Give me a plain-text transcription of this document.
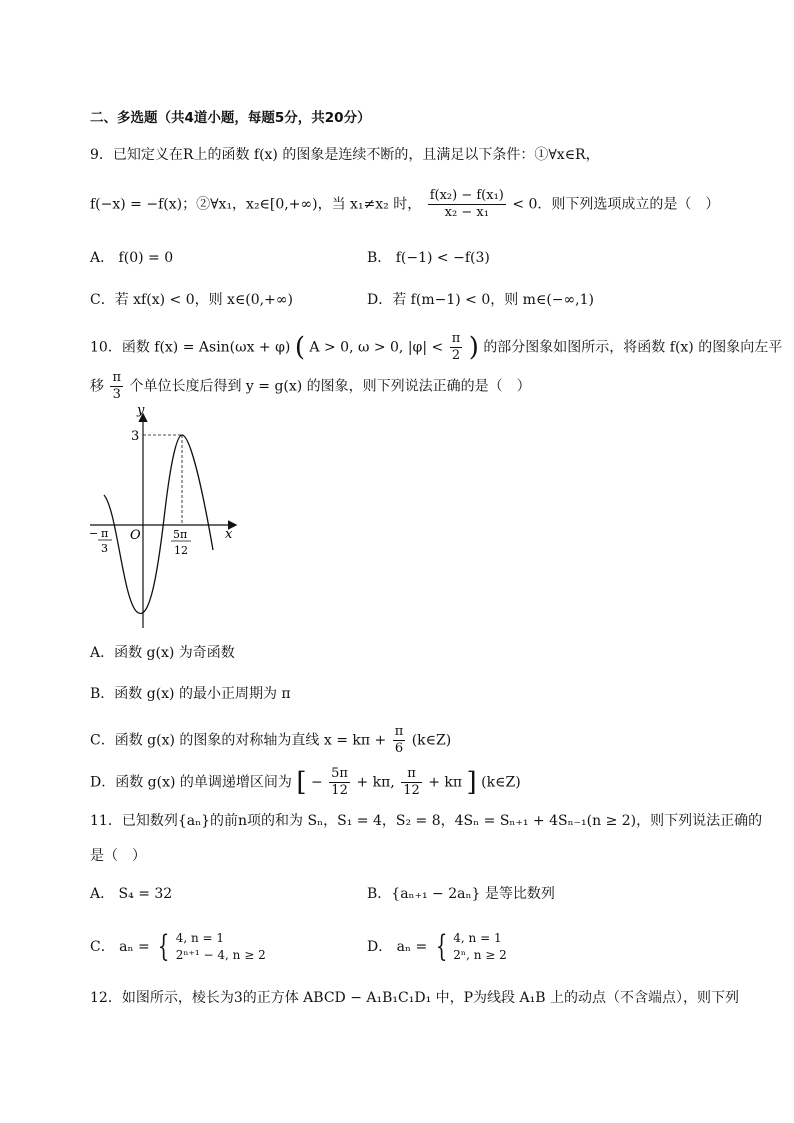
二、多选题（共4道小题，每题5分，共20分）
9．已知定义在R上的函数 f(x) 的图象是连续不断的，且满足以下条件：①∀x∈R，
f(−x) = −f(x)；②∀x₁，x₂∈[0,+∞)，当 x₁≠x₂ 时， $\frac{\text{f(x₂) − f(x₁)}}{\text{x₂ − x₁}} < 0$．则下列选项成立的是（　）
A． f(0) = 0	B． f(−1) < −f(3)
C．若 xf(x) < 0，则 x∈(0,+∞)	D．若 f(m−1) < 0，则 m∈(−∞,1)
10．函数 f(x) = Asin(ωx + φ) ( A > 0, ω > 0, $|\varphi| < \frac{\pi}{2}$ ) 的部分图象如图所示，将函数 f(x) 的图象向左平
移 $\frac{\pi}{3}$ 个单位长度后得到 y = g(x) 的图象，则下列说法正确的是（　）
y
x
O
3
− π
3
5π
12
A．函数 g(x) 为奇函数
B．函数 g(x) 的最小正周期为 π
C．函数 g(x) 的图象的对称轴为直线 $x = k\pi + \frac{\pi}{6}$ (k∈Z)
D．函数 g(x) 的单调递增区间为 [ − $\frac{5\pi}{12} + k\pi$, $\frac{\pi}{12} + k\pi$ ] (k∈Z)
11．已知数列{aₙ}的前n项的和为 Sₙ，S₁ = 4，S₂ = 8，4Sₙ = Sₙ₊₁ + 4Sₙ₋₁(n ≥ 2)，则下列说法正确的
是（　）
A． S₄ = 32	B．{aₙ₊₁ − 2aₙ} 是等比数列
C． aₙ = { 4, n = 1
2ⁿ⁺¹ − 4, n ≥ 2	D． aₙ = { 4, n = 1
2ⁿ, n ≥ 2
12．如图所示，棱长为3的正方体 ABCD − A₁B₁C₁D₁ 中，P为线段 A₁B 上的动点（不含端点），则下列
